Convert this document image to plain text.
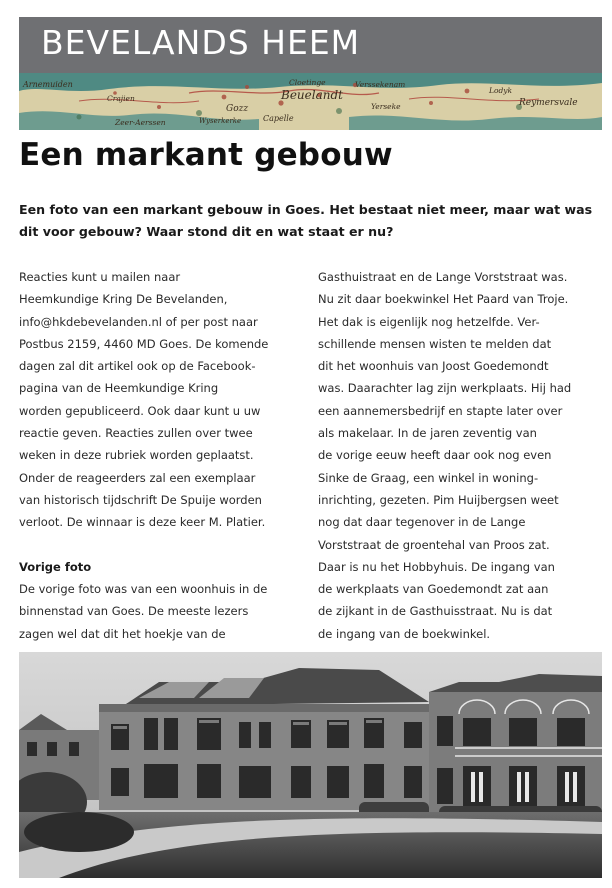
BEVELANDS HEEM
Arnemuiden
Crajien
Zeer-Aerssen
Gozz
Wyserkerke
Cloetinge
Beuelandt
Capelle
Verssekenam
Yerseke
Lodyk
Reymersvale
Een markant gebouw
Een foto van een markant gebouw in Goes. Het bestaat niet meer, maar wat was
dit voor gebouw? Waar stond dit en wat staat er nu?
Reacties kunt u mailen naar
Heemkundige Kring De Bevelanden,
info@hkdebevelanden.nl of per post naar
Postbus 2159, 4460 MD Goes. De komende
dagen zal dit artikel ook op de Facebook-
pagina van de Heemkundige Kring
worden gepubliceerd. Ook daar kunt u uw
reactie geven. Reacties zullen over twee
weken in deze rubriek worden geplaatst.
Onder de reageerders zal een exemplaar
van historisch tijdschrift De Spuije worden
verloot. De winnaar is deze keer M. Platier.
Vorige foto
De vorige foto was van een woonhuis in de
binnenstad van Goes. De meeste lezers
zagen wel dat dit het hoekje van de
Gasthuistraat en de Lange Vorststraat was.
Nu zit daar boekwinkel Het Paard van Troje.
Het dak is eigenlijk nog hetzelfde. Ver-
schillende mensen wisten te melden dat
dit het woonhuis van Joost Goedemondt
was. Daarachter lag zijn werkplaats. Hij had
een aannemersbedrijf en stapte later over
als makelaar. In de jaren zeventig van
de vorige eeuw heeft daar ook nog even
Sinke de Graag, een winkel in woning-
inrichting, gezeten. Pim Huijbergsen weet
nog dat daar tegenover in de Lange
Vorststraat de groentehal van Proos zat.
Daar is nu het Hobbyhuis. De ingang van
de werkplaats van Goedemondt zat aan
de zijkant in de Gasthuisstraat. Nu is dat
de ingang van de boekwinkel.
